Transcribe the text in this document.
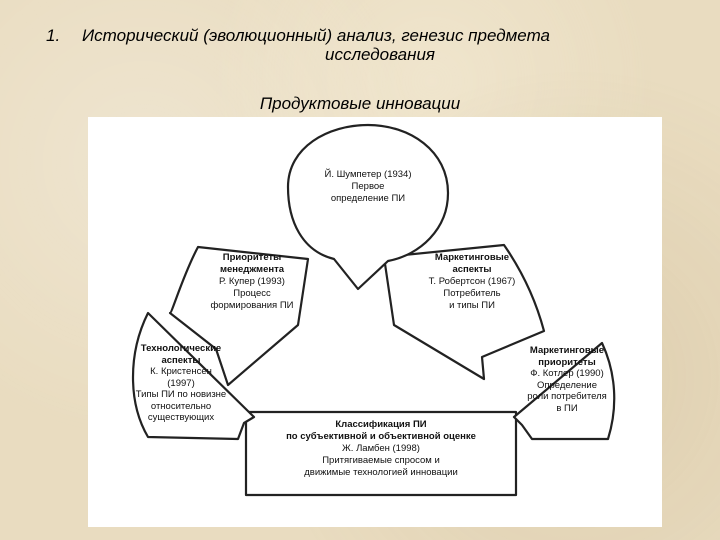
1. Исторический (эволюционный) анализ, генезис предмета
исследования
Продуктовые инновации
Й. Шумпетер (1934)
Первое
определение ПИ
Приоритеты
менеджмента
Р. Купер (1993)
Процесс
формирования ПИ
Маркетинговые
аспекты
Т. Робертсон (1967)
Потребитель
и типы ПИ
Технологические
аспекты
К. Кристенсен
(1997)
Типы ПИ по новизне
относительно
существующих
Маркетинговые
приоритеты
Ф. Котлер (1990)
Определение
роли потребителя
в ПИ
Классификация ПИ
по субъективной и объективной оценке
Ж. Ламбен (1998)
Притягиваемые спросом и
движимые технологией инновации
